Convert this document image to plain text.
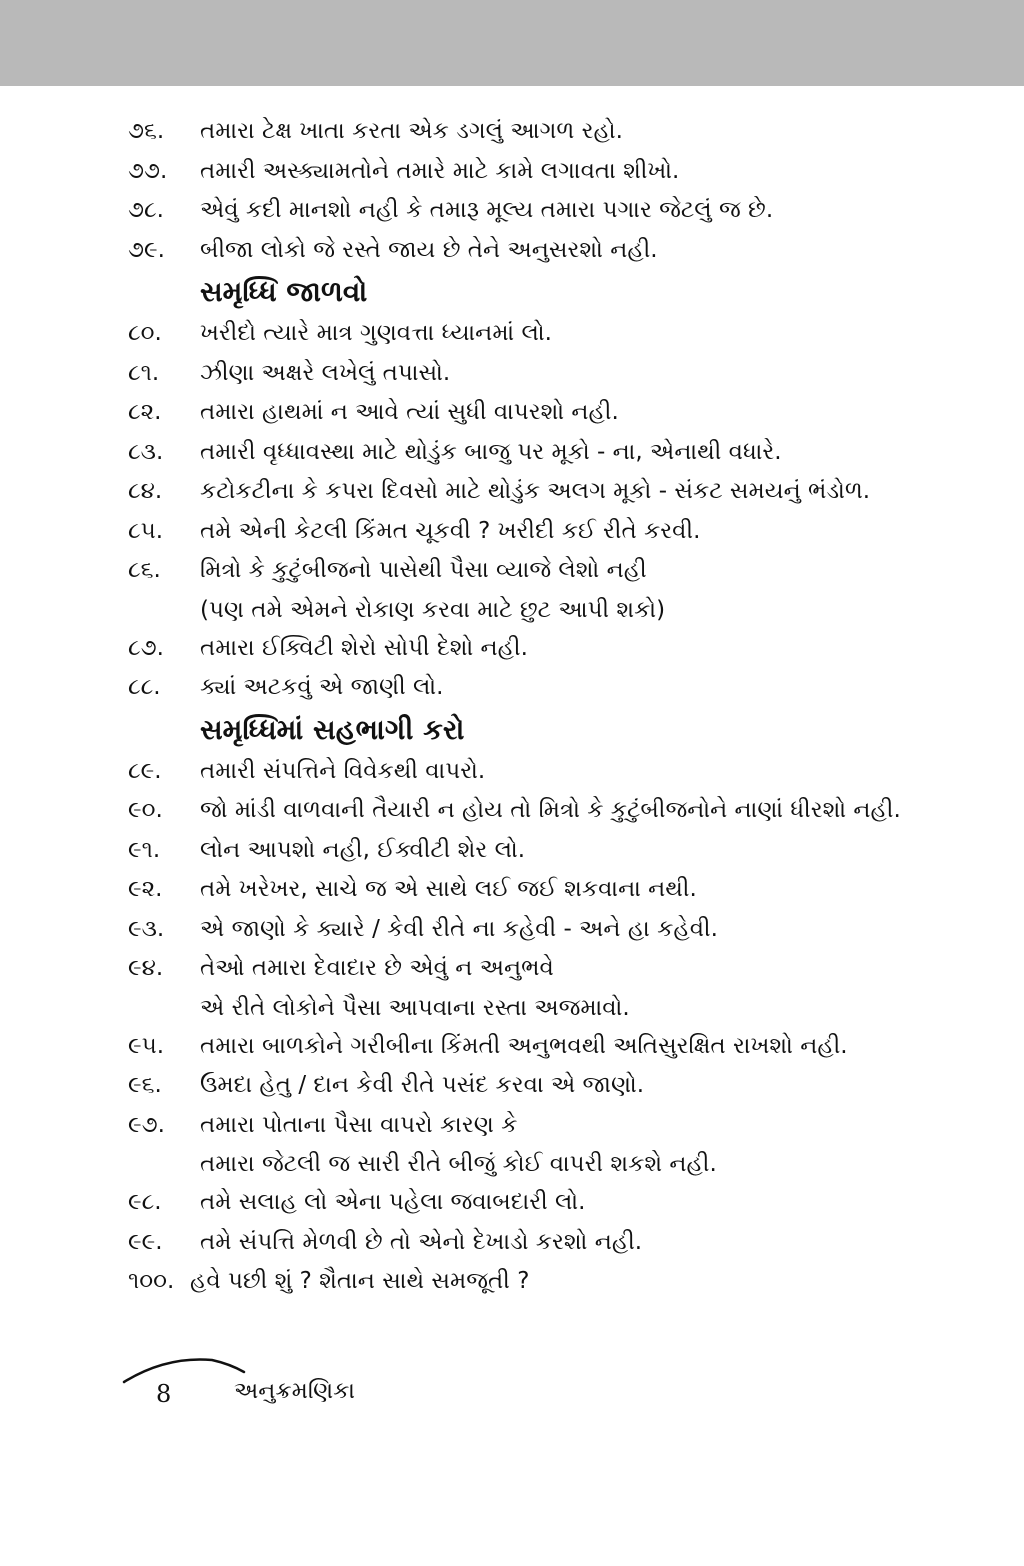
૭૬. તમારા ટેક્ષ ખાતા કરતા એક ડગલું આગળ રહો.
૭૭. તમારી અસ્ક્યામતોને તમારે માટે કામે લગાવતા શીખો.
૭૮. એવું કદી માનશો નહી કે તમારૂ મૂલ્ય તમારા પગાર જેટલું જ છે.
૭૯. બીજા લોકો જે રસ્તે જાય છે તેને અનુસરશો નહી.
સમૃધ્ધિ જાળવો
૮૦. ખરીદો ત્યારે માત્ર ગુણવત્તા ધ્યાનમાં લો.
૮૧. ઝીણા અક્ષરે લખેલું તપાસો.
૮૨. તમારા હાથમાં ન આવે ત્યાં સુધી વાપરશો નહી.
૮૩. તમારી વૃધ્ધાવસ્થા માટે થોડુંક બાજુ પર મૂકો - ના, એનાથી વધારે.
૮૪. કટોકટીના કે કપરા દિવસો માટે થોડુંક અલગ મૂકો - સંકટ સમયનું ભંડોળ.
૮૫. તમે એની કેટલી કિંમત ચૂકવી ? ખરીદી કઈ રીતે કરવી.
૮૬. મિત્રો કે કુટુંબીજનો પાસેથી પૈસા વ્યાજે લેશો નહી
(પણ તમે એમને રોકાણ કરવા માટે છુટ આપી શકો)
૮૭. તમારા ઈક્વિટી શેરો સોપી દેશો નહી.
૮૮. ક્યાં અટકવું એ જાણી લો.
સમૃધ્ધિમાં સહભાગી કરો
૮૯. તમારી સંપત્તિને વિવેકથી વાપરો.
૯૦. જો માંડી વાળવાની તૈયારી ન હોય તો મિત્રો કે કુટુંબીજનોને નાણાં ધીરશો નહી.
૯૧. લોન આપશો નહી, ઈક્વીટી શેર લો.
૯૨. તમે ખરેખર, સાચે જ એ સાથે લઈ જઈ શકવાના નથી.
૯૩. એ જાણો કે ક્યારે / કેવી રીતે ના કહેવી - અને હા કહેવી.
૯૪. તેઓ તમારા દેવાદાર છે એવું ન અનુભવે
એ રીતે લોકોને પૈસા આપવાના રસ્તા અજમાવો.
૯૫. તમારા બાળકોને ગરીબીના કિંમતી અનુભવથી અતિસુરક્ષિત રાખશો નહી.
૯૬. ઉમદા હેતુ / દાન કેવી રીતે પસંદ કરવા એ જાણો.
૯૭. તમારા પોતાના પૈસા વાપરો કારણ કે
તમારા જેટલી જ સારી રીતે બીજું કોઈ વાપરી શકશે નહી.
૯૮. તમે સલાહ લો એના પહેલા જવાબદારી લો.
૯૯. તમે સંપત્તિ મેળવી છે તો એનો દેખાડો કરશો નહી.
૧૦૦. હવે પછી શું ? શૈતાન સાથે સમજૂતી ?
8	અનુક્રમણિકા
